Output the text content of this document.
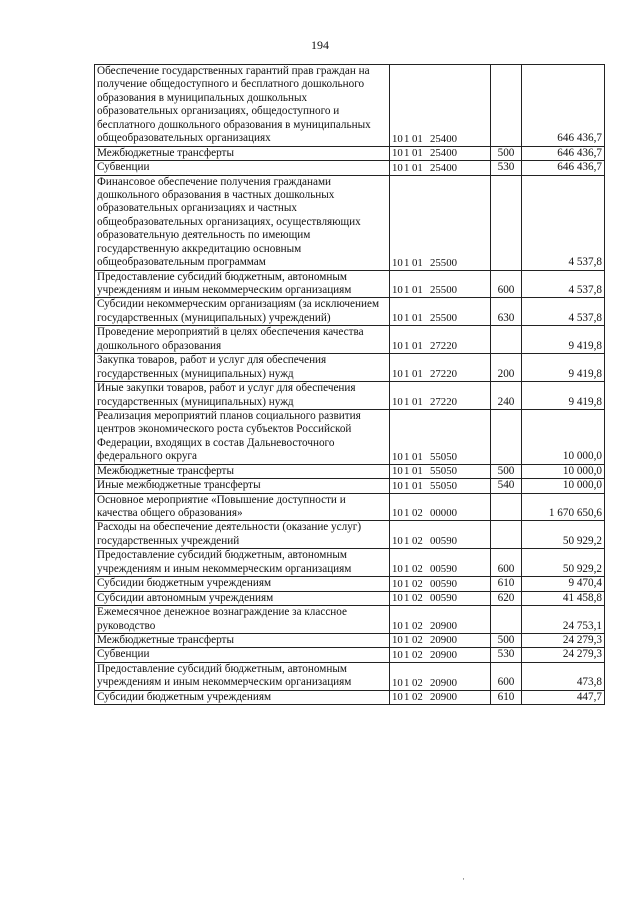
194
Обеспечение государственных гарантий прав граждан на получение общедоступного и бесплатного дошкольного образования в муниципальных дошкольных образовательных организациях, общедоступного и бесплатного дошкольного образования в муниципальных общеобразовательных организациях	101 01 25400		646 436,7
Межбюджетные трансферты	101 01 25400	500	646 436,7
Субвенции	101 01 25400	530	646 436,7
Финансовое обеспечение получения гражданами дошкольного образования в частных дошкольных образовательных организациях и частных общеобразовательных организациях, осуществляющих образовательную деятельность по имеющим государственную аккредитацию основным общеобразовательным программам	101 01 25500		4 537,8
Предоставление субсидий бюджетным, автономным учреждениям и иным некоммерческим организациям	101 01 25500	600	4 537,8
Субсидии некоммерческим организациям (за исключением государственных (муниципальных) учреждений)	101 01 25500	630	4 537,8
Проведение мероприятий в целях обеспечения качества дошкольного образования	101 01 27220		9 419,8
Закупка товаров, работ и услуг для обеспечения государственных (муниципальных) нужд	101 01 27220	200	9 419,8
Иные закупки товаров, работ и услуг для обеспечения государственных (муниципальных) нужд	101 01 27220	240	9 419,8
Реализация мероприятий планов социального развития центров экономического роста субъектов Российской Федерации, входящих в состав Дальневосточного федерального округа	101 01 55050		10 000,0
Межбюджетные трансферты	101 01 55050	500	10 000,0
Иные межбюджетные трансферты	101 01 55050	540	10 000,0
Основное мероприятие «Повышение доступности и качества общего образования»	101 02 00000		1 670 650,6
Расходы на обеспечение деятельности (оказание услуг) государственных учреждений	101 02 00590		50 929,2
Предоставление субсидий бюджетным, автономным учреждениям и иным некоммерческим организациям	101 02 00590	600	50 929,2
Субсидии бюджетным учреждениям	101 02 00590	610	9 470,4
Субсидии автономным учреждениям	101 02 00590	620	41 458,8
Ежемесячное денежное вознаграждение за классное руководство	101 02 20900		24 753,1
Межбюджетные трансферты	101 02 20900	500	24 279,3
Субвенции	101 02 20900	530	24 279,3
Предоставление субсидий бюджетным, автономным учреждениям и иным некоммерческим организациям	101 02 20900	600	473,8
Субсидии бюджетным учреждениям	101 02 20900	610	447,7
·
